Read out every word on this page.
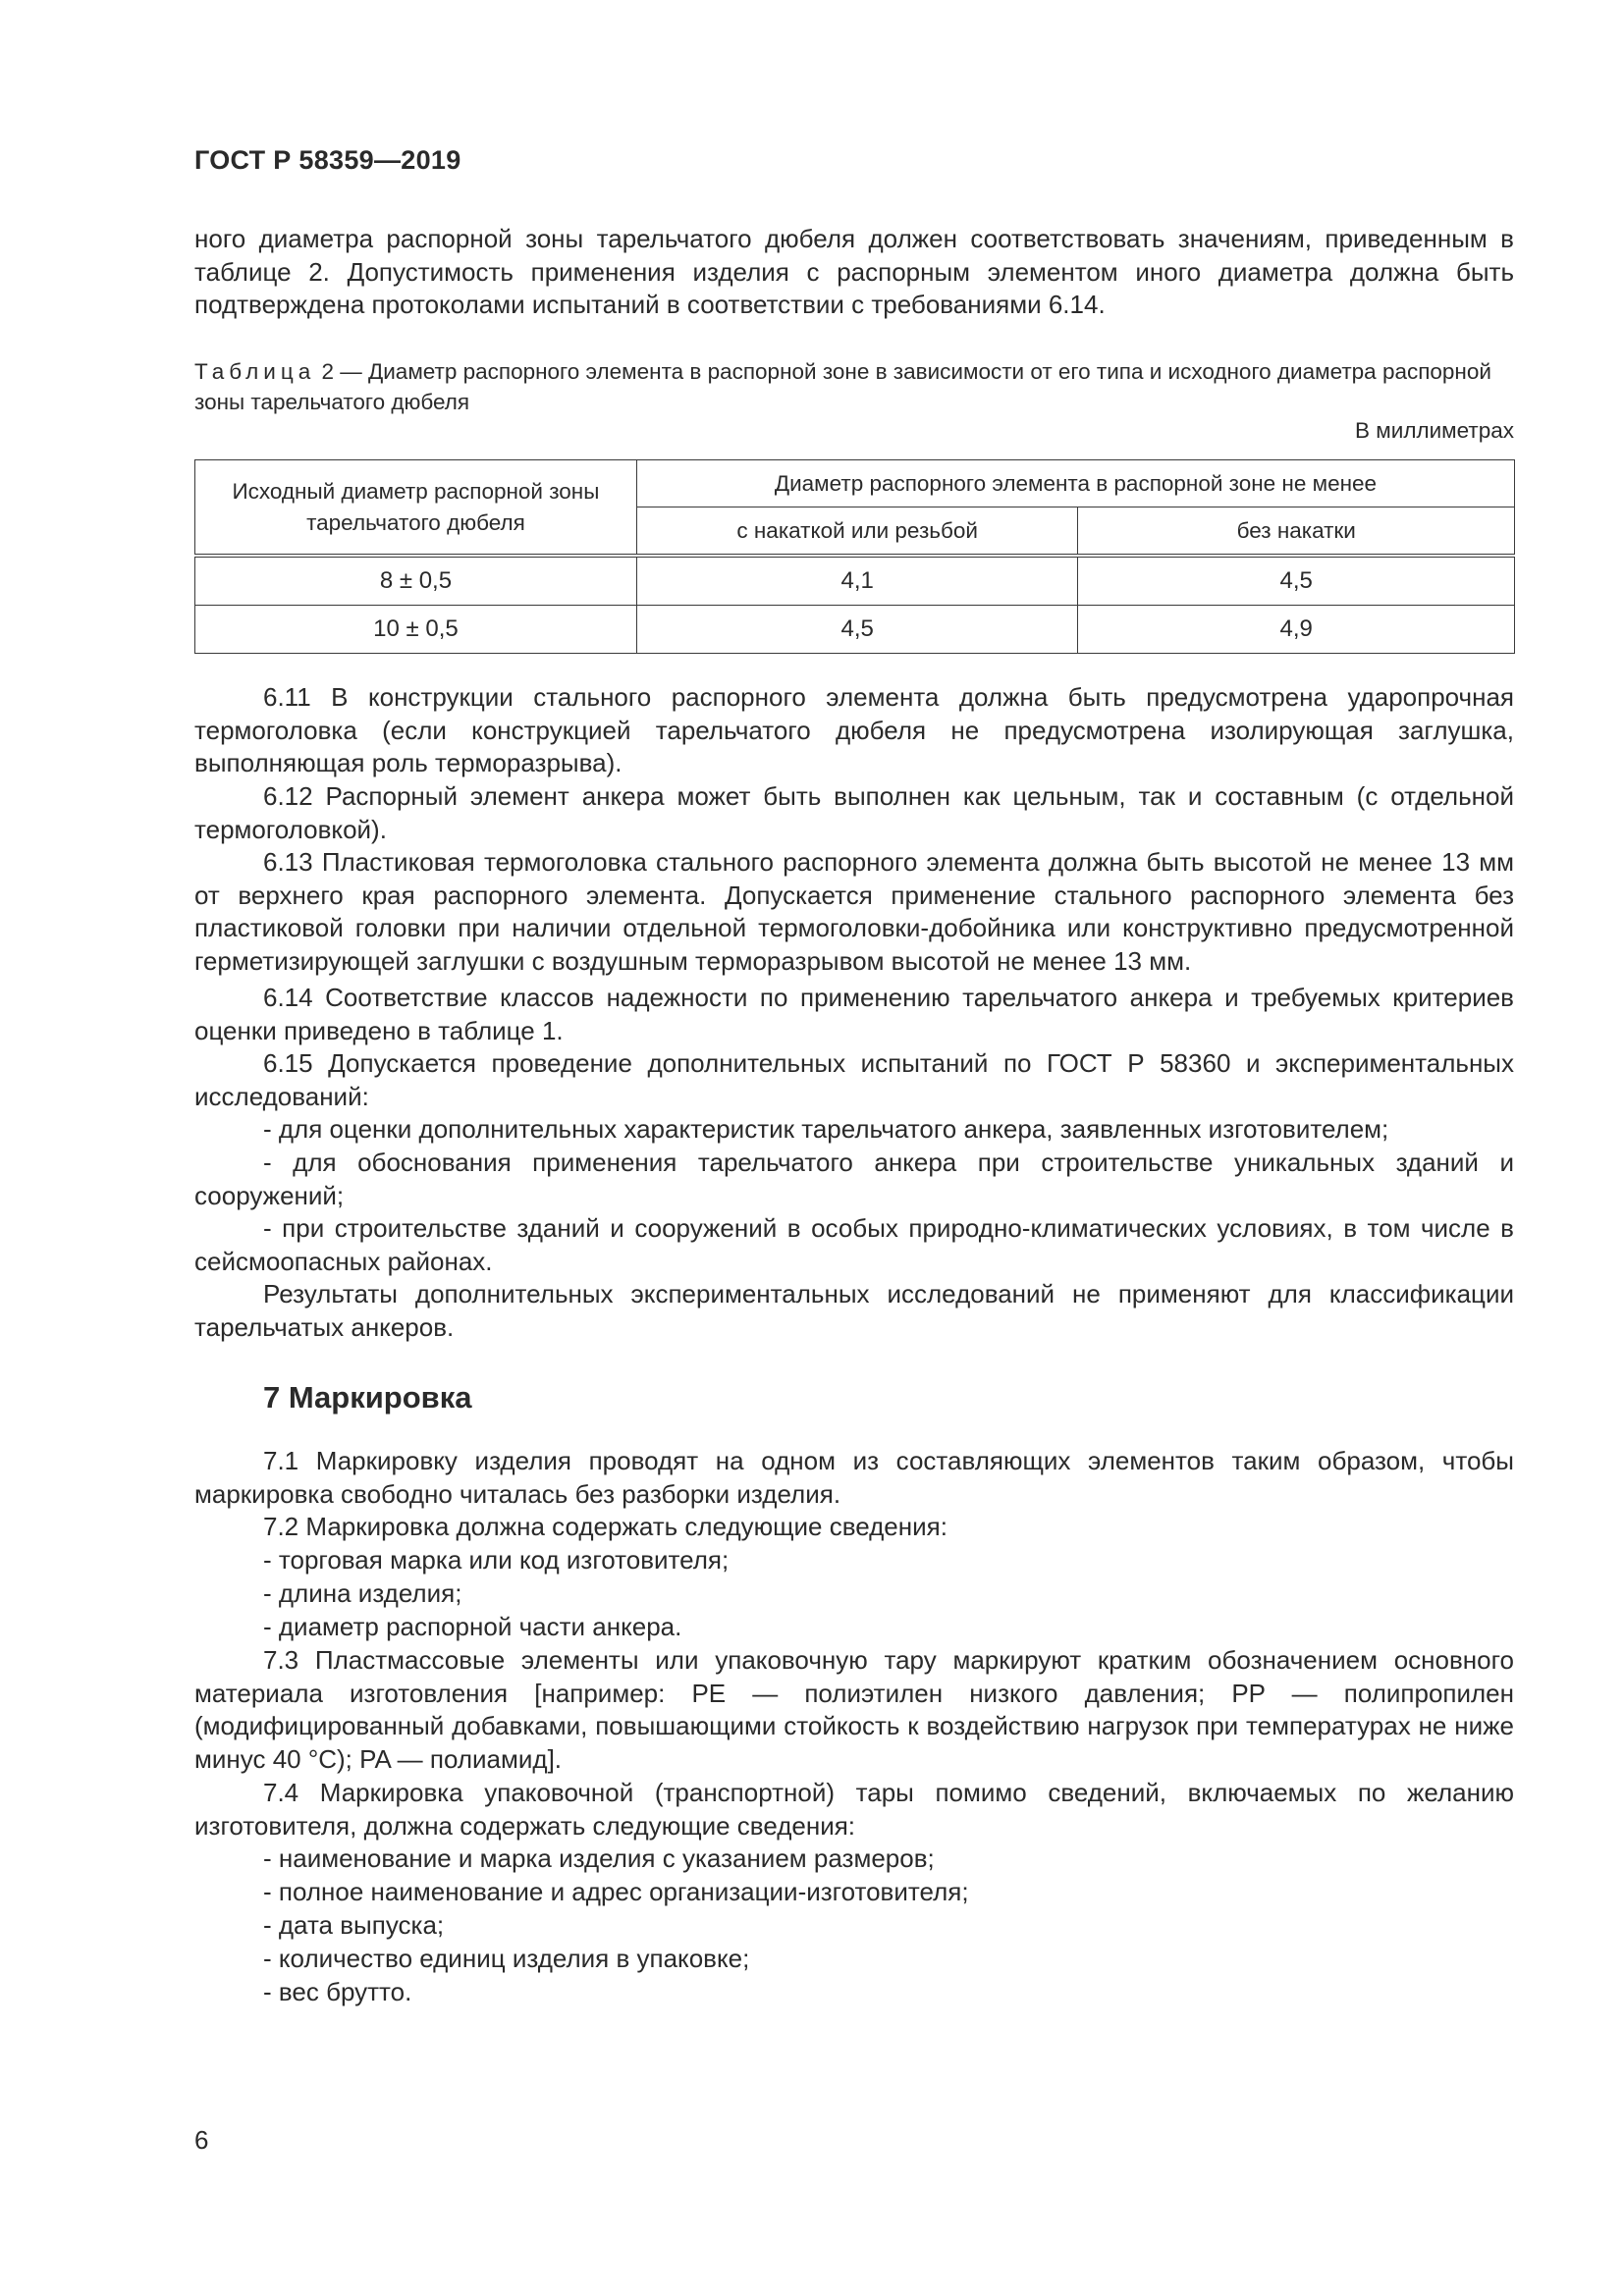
ГОСТ Р 58359—2019

ного диаметра распорной зоны тарельчатого дюбеля должен соответствовать значениям, приведенным в таблице 2. Допустимость применения изделия с распорным элементом иного диаметра должна быть подтверждена протоколами испытаний в соответствии с требованиями 6.14.

Таблица 2 — Диаметр распорного элемента в распорной зоне в зависимости от его типа и исходного диаметра распорной зоны тарельчатого дюбеля

В миллиметрах
Исходный диаметр распорной зоны тарельчатого дюбеля	Диаметр распорного элемента в распорной зоне не менее	
	с накаткой или резьбой	без накатки
8 ± 0,5	4,1	4,5
10 ± 0,5	4,5	4,9

6.11 В конструкции стального распорного элемента должна быть предусмотрена ударопрочная термоголовка (если конструкцией тарельчатого дюбеля не предусмотрена изолирующая заглушка, выполняющая роль терморазрыва).

6.12 Распорный элемент анкера может быть выполнен как цельным, так и составным (с отдельной термоголовкой).

6.13 Пластиковая термоголовка стального распорного элемента должна быть высотой не менее 13 мм от верхнего края распорного элемента. Допускается применение стального распорного элемента без пластиковой головки при наличии отдельной термоголовки-добойника или конструктивно предусмотренной герметизирующей заглушки с воздушным терморазрывом высотой не менее 13 мм.

6.14 Соответствие классов надежности по применению тарельчатого анкера и требуемых критериев оценки приведено в таблице 1.

6.15 Допускается проведение дополнительных испытаний по ГОСТ Р 58360 и экспериментальных исследований:

- для оценки дополнительных характеристик тарельчатого анкера, заявленных изготовителем;

- для обоснования применения тарельчатого анкера при строительстве уникальных зданий и сооружений;

- при строительстве зданий и сооружений в особых природно-климатических условиях, в том числе в сейсмоопасных районах.

Результаты дополнительных экспериментальных исследований не применяют для классификации тарельчатых анкеров.

7 Маркировка

7.1 Маркировку изделия проводят на одном из составляющих элементов таким образом, чтобы маркировка свободно читалась без разборки изделия.

7.2 Маркировка должна содержать следующие сведения:

- торговая марка или код изготовителя;

- длина изделия;

- диаметр распорной части анкера.

7.3 Пластмассовые элементы или упаковочную тару маркируют кратким обозначением основного материала изготовления [например: PE — полиэтилен низкого давления; PP — полипропилен (модифицированный добавками, повышающими стойкость к воздействию нагрузок при температурах не ниже минус 40 °C); PA — полиамид].

7.4 Маркировка упаковочной (транспортной) тары помимо сведений, включаемых по желанию изготовителя, должна содержать следующие сведения:

- наименование и марка изделия с указанием размеров;

- полное наименование и адрес организации-изготовителя;

- дата выпуска;

- количество единиц изделия в упаковке;

- вес брутто.

6
